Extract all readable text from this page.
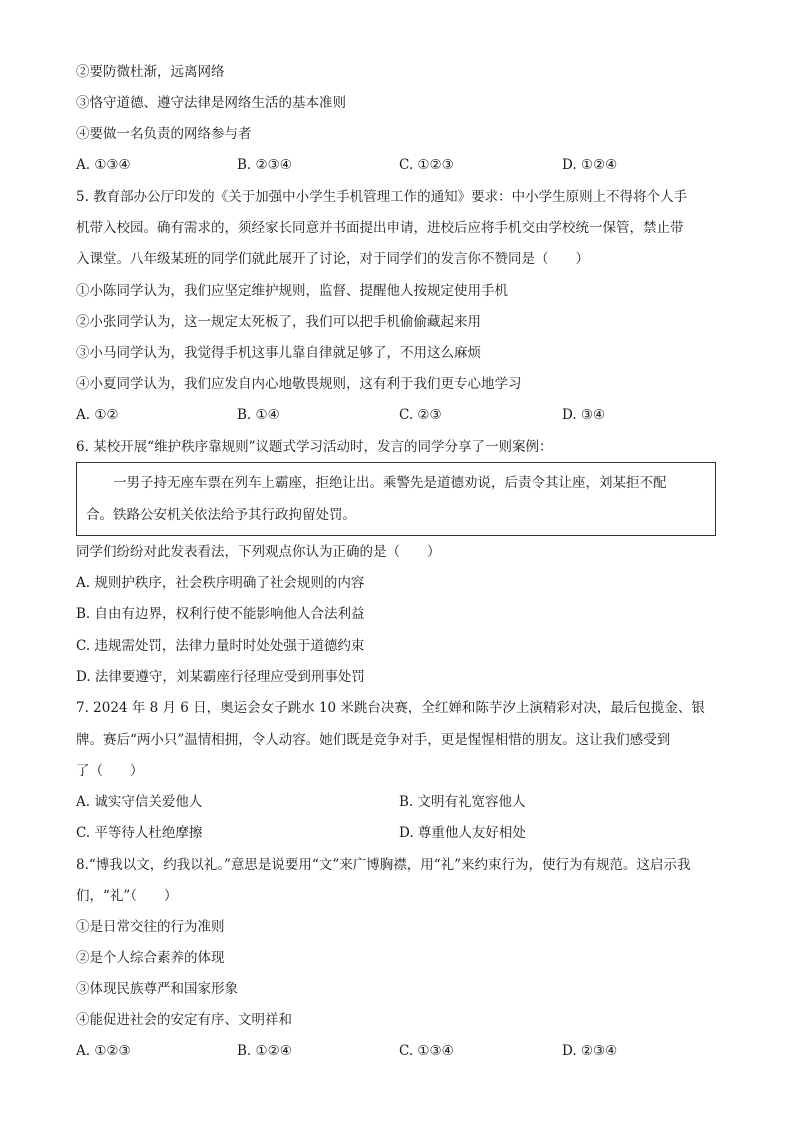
②要防微杜渐，远离网络
③恪守道德、遵守法律是网络生活的基本准则
④要做一名负责的网络参与者
A. ①③④	B. ②③④	C. ①②③	D. ①②④
5. 教育部办公厅印发的《关于加强中小学生手机管理工作的通知》要求：中小学生原则上不得将个人手
机带入校园。确有需求的，须经家长同意并书面提出申请，进校后应将手机交由学校统一保管，禁止带
入课堂。八年级某班的同学们就此展开了讨论，对于同学们的发言你不赞同是（　　）
①小陈同学认为，我们应坚定维护规则，监督、提醒他人按规定使用手机
②小张同学认为，这一规定太死板了，我们可以把手机偷偷藏起来用
③小马同学认为，我觉得手机这事儿靠自律就足够了，不用这么麻烦
④小夏同学认为，我们应发自内心地敬畏规则，这有利于我们更专心地学习
A. ①②	B. ①④	C. ②③	D. ③④
6. 某校开展“维护秩序靠规则”议题式学习活动时，发言的同学分享了一则案例：
一男子持无座车票在列车上霸座，拒绝让出。乘警先是道德劝说，后责令其让座，刘某拒不配
合。铁路公安机关依法给予其行政拘留处罚。
同学们纷纷对此发表看法，下列观点你认为正确的是（　　）
A. 规则护秩序，社会秩序明确了社会规则的内容
B. 自由有边界，权利行使不能影响他人合法利益
C. 违规需处罚，法律力量时时处处强于道德约束
D. 法律要遵守，刘某霸座行径理应受到刑事处罚
7. 2024 年 8 月 6 日，奥运会女子跳水 10 米跳台决赛，全红婵和陈芋汐上演精彩对决，最后包揽金、银
牌。赛后“两小只”温情相拥，令人动容。她们既是竞争对手，更是惺惺相惜的朋友。这让我们感受到
了（　　）
A. 诚实守信关爱他人	B. 文明有礼宽容他人
C. 平等待人杜绝摩擦	D. 尊重他人友好相处
8.“博我以文，约我以礼。”意思是说要用“文”来广博胸襟，用“礼”来约束行为，使行为有规范。这启示我
们，“礼”（　　）
①是日常交往的行为准则
②是个人综合素养的体现
③体现民族尊严和国家形象
④能促进社会的安定有序、文明祥和
A. ①②③	B. ①②④	C. ①③④	D. ②③④
